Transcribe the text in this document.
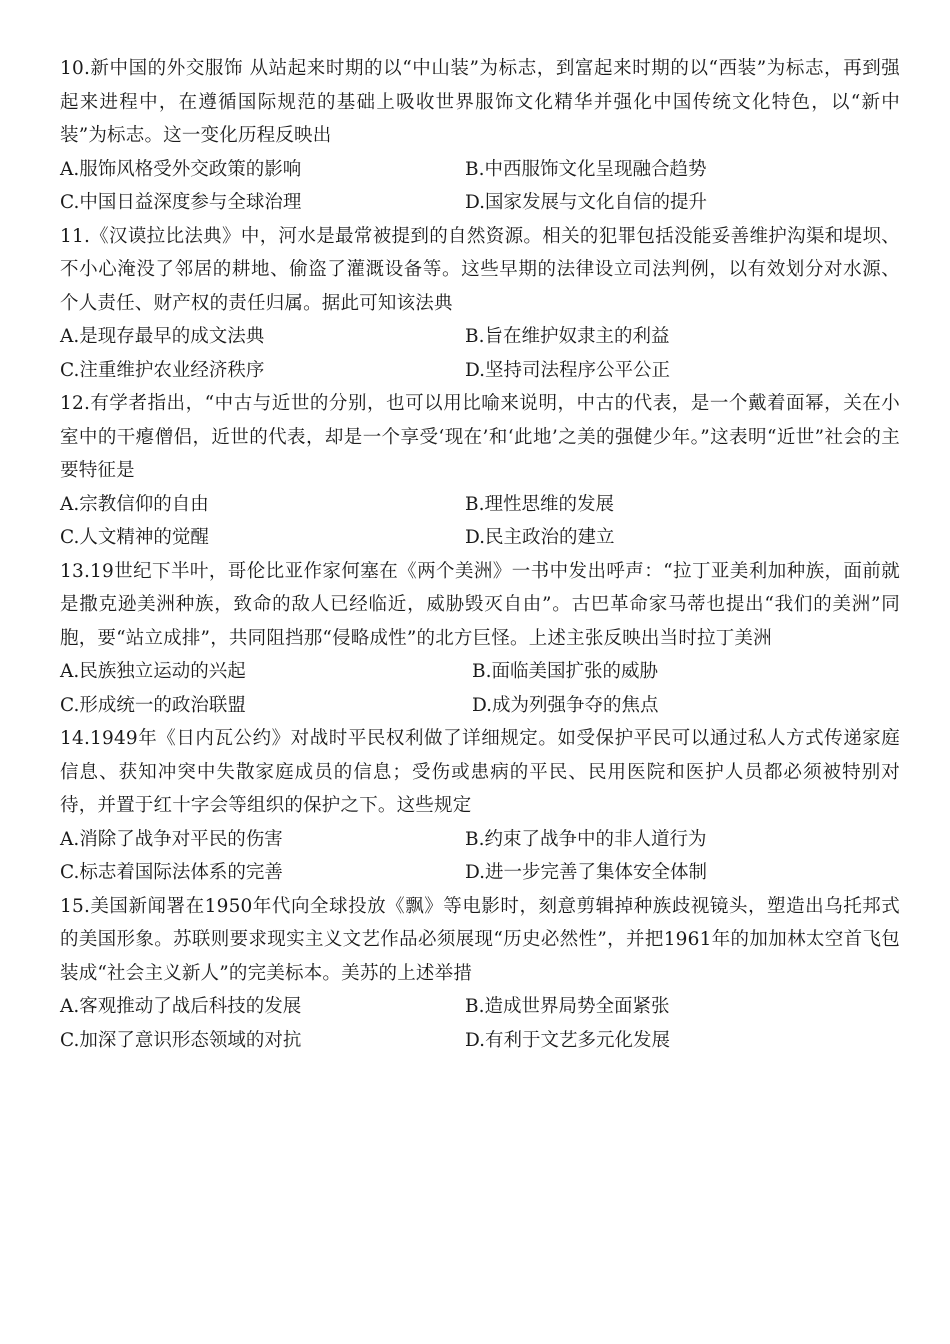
10.新中国的外交服饰 从站起来时期的以“中山装”为标志，到富起来时期的以“西装”为标志，再到强起来进程中，在遵循国际规范的基础上吸收世界服饰文化精华并强化中国传统文化特色，以“新中装”为标志。这一变化历程反映出

A.服饰风格受外交政策的影响	B.中西服饰文化呈现融合趋势
C.中国日益深度参与全球治理	D.国家发展与文化自信的提升

11.《汉谟拉比法典》中，河水是最常被提到的自然资源。相关的犯罪包括没能妥善维护沟渠和堤坝、不小心淹没了邻居的耕地、偷盗了灌溉设备等。这些早期的法律设立司法判例，以有效划分对水源、个人责任、财产权的责任归属。据此可知该法典

A.是现存最早的成文法典	B.旨在维护奴隶主的利益
C.注重维护农业经济秩序	D.坚持司法程序公平公正

12.有学者指出，“中古与近世的分别，也可以用比喻来说明，中古的代表，是一个戴着面幂，关在小室中的干瘪僧侣，近世的代表，却是一个享受‘现在’和‘此地’之美的强健少年。”这表明“近世”社会的主要特征是

A.宗教信仰的自由	B.理性思维的发展
C.人文精神的觉醒	D.民主政治的建立

13.19世纪下半叶，哥伦比亚作家何塞在《两个美洲》一书中发出呼声：“拉丁亚美利加种族，面前就是撒克逊美洲种族，致命的敌人已经临近，威胁毁灭自由”。古巴革命家马蒂也提出“我们的美洲”同胞，要“站立成排”，共同阻挡那“侵略成性”的北方巨怪。上述主张反映出当时拉丁美洲

A.民族独立运动的兴起	B.面临美国扩张的威胁
C.形成统一的政治联盟	D.成为列强争夺的焦点

14.1949年《日内瓦公约》对战时平民权利做了详细规定。如受保护平民可以通过私人方式传递家庭信息、获知冲突中失散家庭成员的信息；受伤或患病的平民、民用医院和医护人员都必须被特别对待，并置于红十字会等组织的保护之下。这些规定

A.消除了战争对平民的伤害	B.约束了战争中的非人道行为
C.标志着国际法体系的完善	D.进一步完善了集体安全体制

15.美国新闻署在1950年代向全球投放《飘》等电影时，刻意剪辑掉种族歧视镜头，塑造出乌托邦式的美国形象。苏联则要求现实主义文艺作品必须展现“历史必然性”，并把1961年的加加林太空首飞包装成“社会主义新人”的完美标本。美苏的上述举措

A.客观推动了战后科技的发展	B.造成世界局势全面紧张
C.加深了意识形态领域的对抗	D.有利于文艺多元化发展
